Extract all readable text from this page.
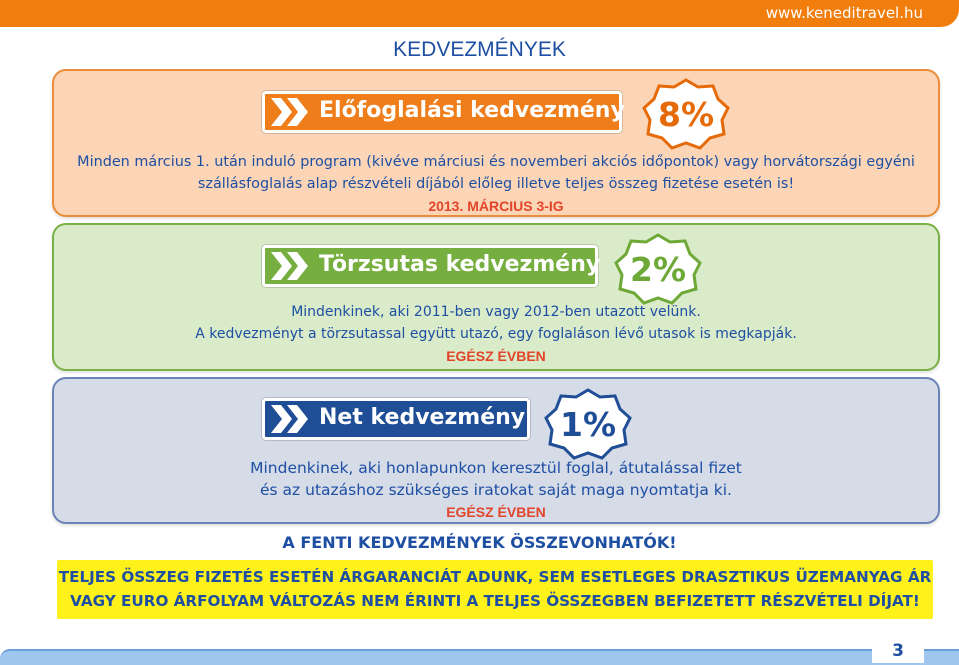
www.keneditravel.hu
KEDVEZMÉNYEK
Előfoglalási kedvezmény	8%
Minden március 1. után induló program (kivéve márciusi és novemberi akciós időpontok) vagy horvátországi egyéni
szállásfoglalás alap részvételi díjából előleg illetve teljes összeg fizetése esetén is!
2013. MÁRCIUS 3-IG
Törzsutas kedvezmény 2%
Mindenkinek, aki 2011-ben vagy 2012-ben utazott velünk.
A kedvezményt a törzsutassal együtt utazó, egy foglaláson lévő utasok is megkapják.
EGÉSZ ÉVBEN
Net kedvezmény	1%
Mindenkinek, aki honlapunkon keresztül foglal, átutalással fizet
és az utazáshoz szükséges iratokat saját maga nyomtatja ki.
EGÉSZ ÉVBEN
A FENTI KEDVEZMÉNYEK ÖSSZEVONHATÓK!
TELJES ÖSSZEG FIZETÉS ESETÉN ÁRGARANCIÁT ADUNK, SEM ESETLEGES DRASZTIKUS ÜZEMANYAG ÁR
VAGY EURO ÁRFOLYAM VÁLTOZÁS NEM ÉRINTI A TELJES ÖSSZEGBEN BEFIZETETT RÉSZVÉTELI DÍJAT!
3
